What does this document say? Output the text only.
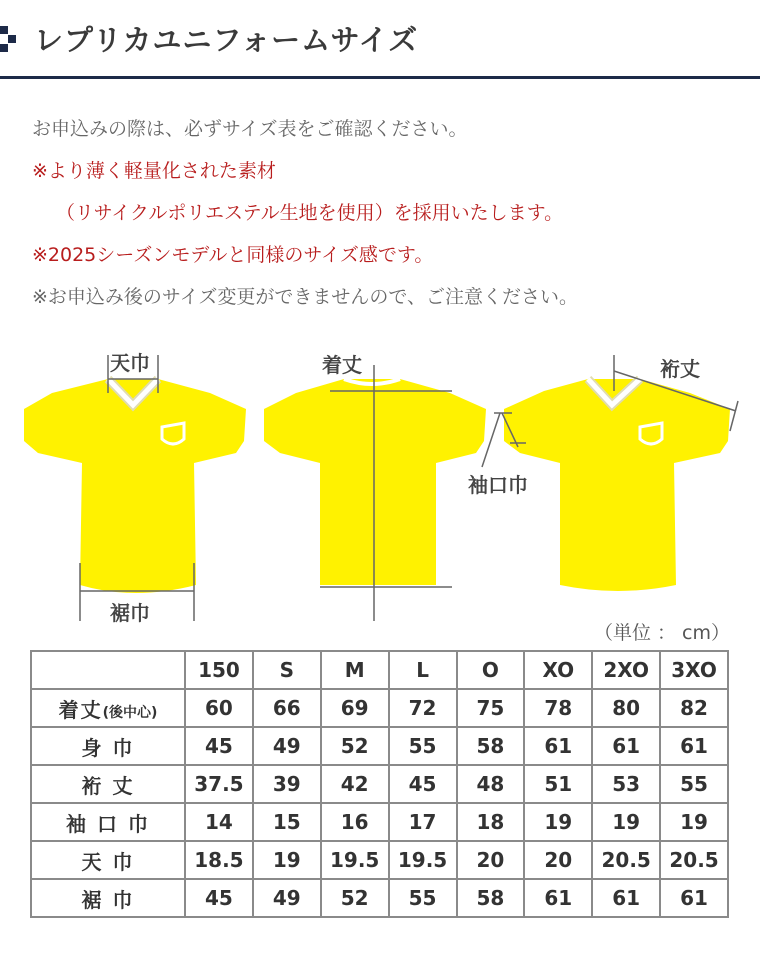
レプリカユニフォームサイズ
お申込みの際は、必ずサイズ表をご確認ください。
※より薄く軽量化された素材
（リサイクルポリエステル生地を使用）を採用いたします。
※2025シーズンモデルと同様のサイズ感です。
※お申込み後のサイズ変更ができませんので、ご注意ください。
天巾
裾巾
着丈	裄丈
袖口巾
（単位 ： cm）
	150	S	M	L	O	XO	2XO	3XO
着丈(後中心)	60	66	69	72	75	78	80	82
身 巾	45	49	52	55	58	61	61	61
裄 丈	37.5	39	42	45	48	51	53	55
袖 口 巾	14	15	16	17	18	19	19	19
天 巾	18.5	19	19.5	19.5	20	20	20.5	20.5
裾 巾	45	49	52	55	58	61	61	61
